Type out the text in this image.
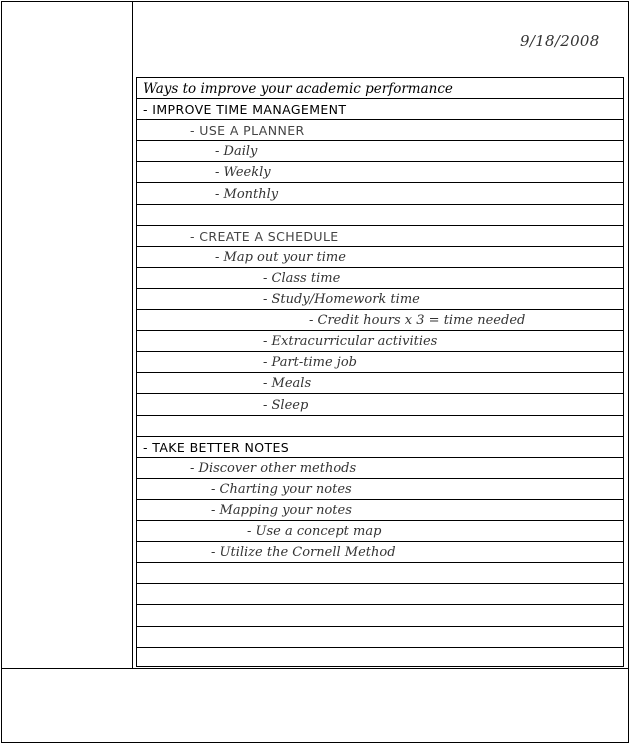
9/18/2008
Ways to improve your academic performance
- IMPROVE TIME MANAGEMENT
- USE A PLANNER
- Daily
- Weekly
- Monthly
- CREATE A SCHEDULE
- Map out your time
- Class time
- Study/Homework time
- Credit hours x 3 = time needed
- Extracurricular activities
- Part-time job
- Meals
- Sleep
- TAKE BETTER NOTES
- Discover other methods
- Charting your notes
- Mapping your notes
- Use a concept map
- Utilize the Cornell Method
